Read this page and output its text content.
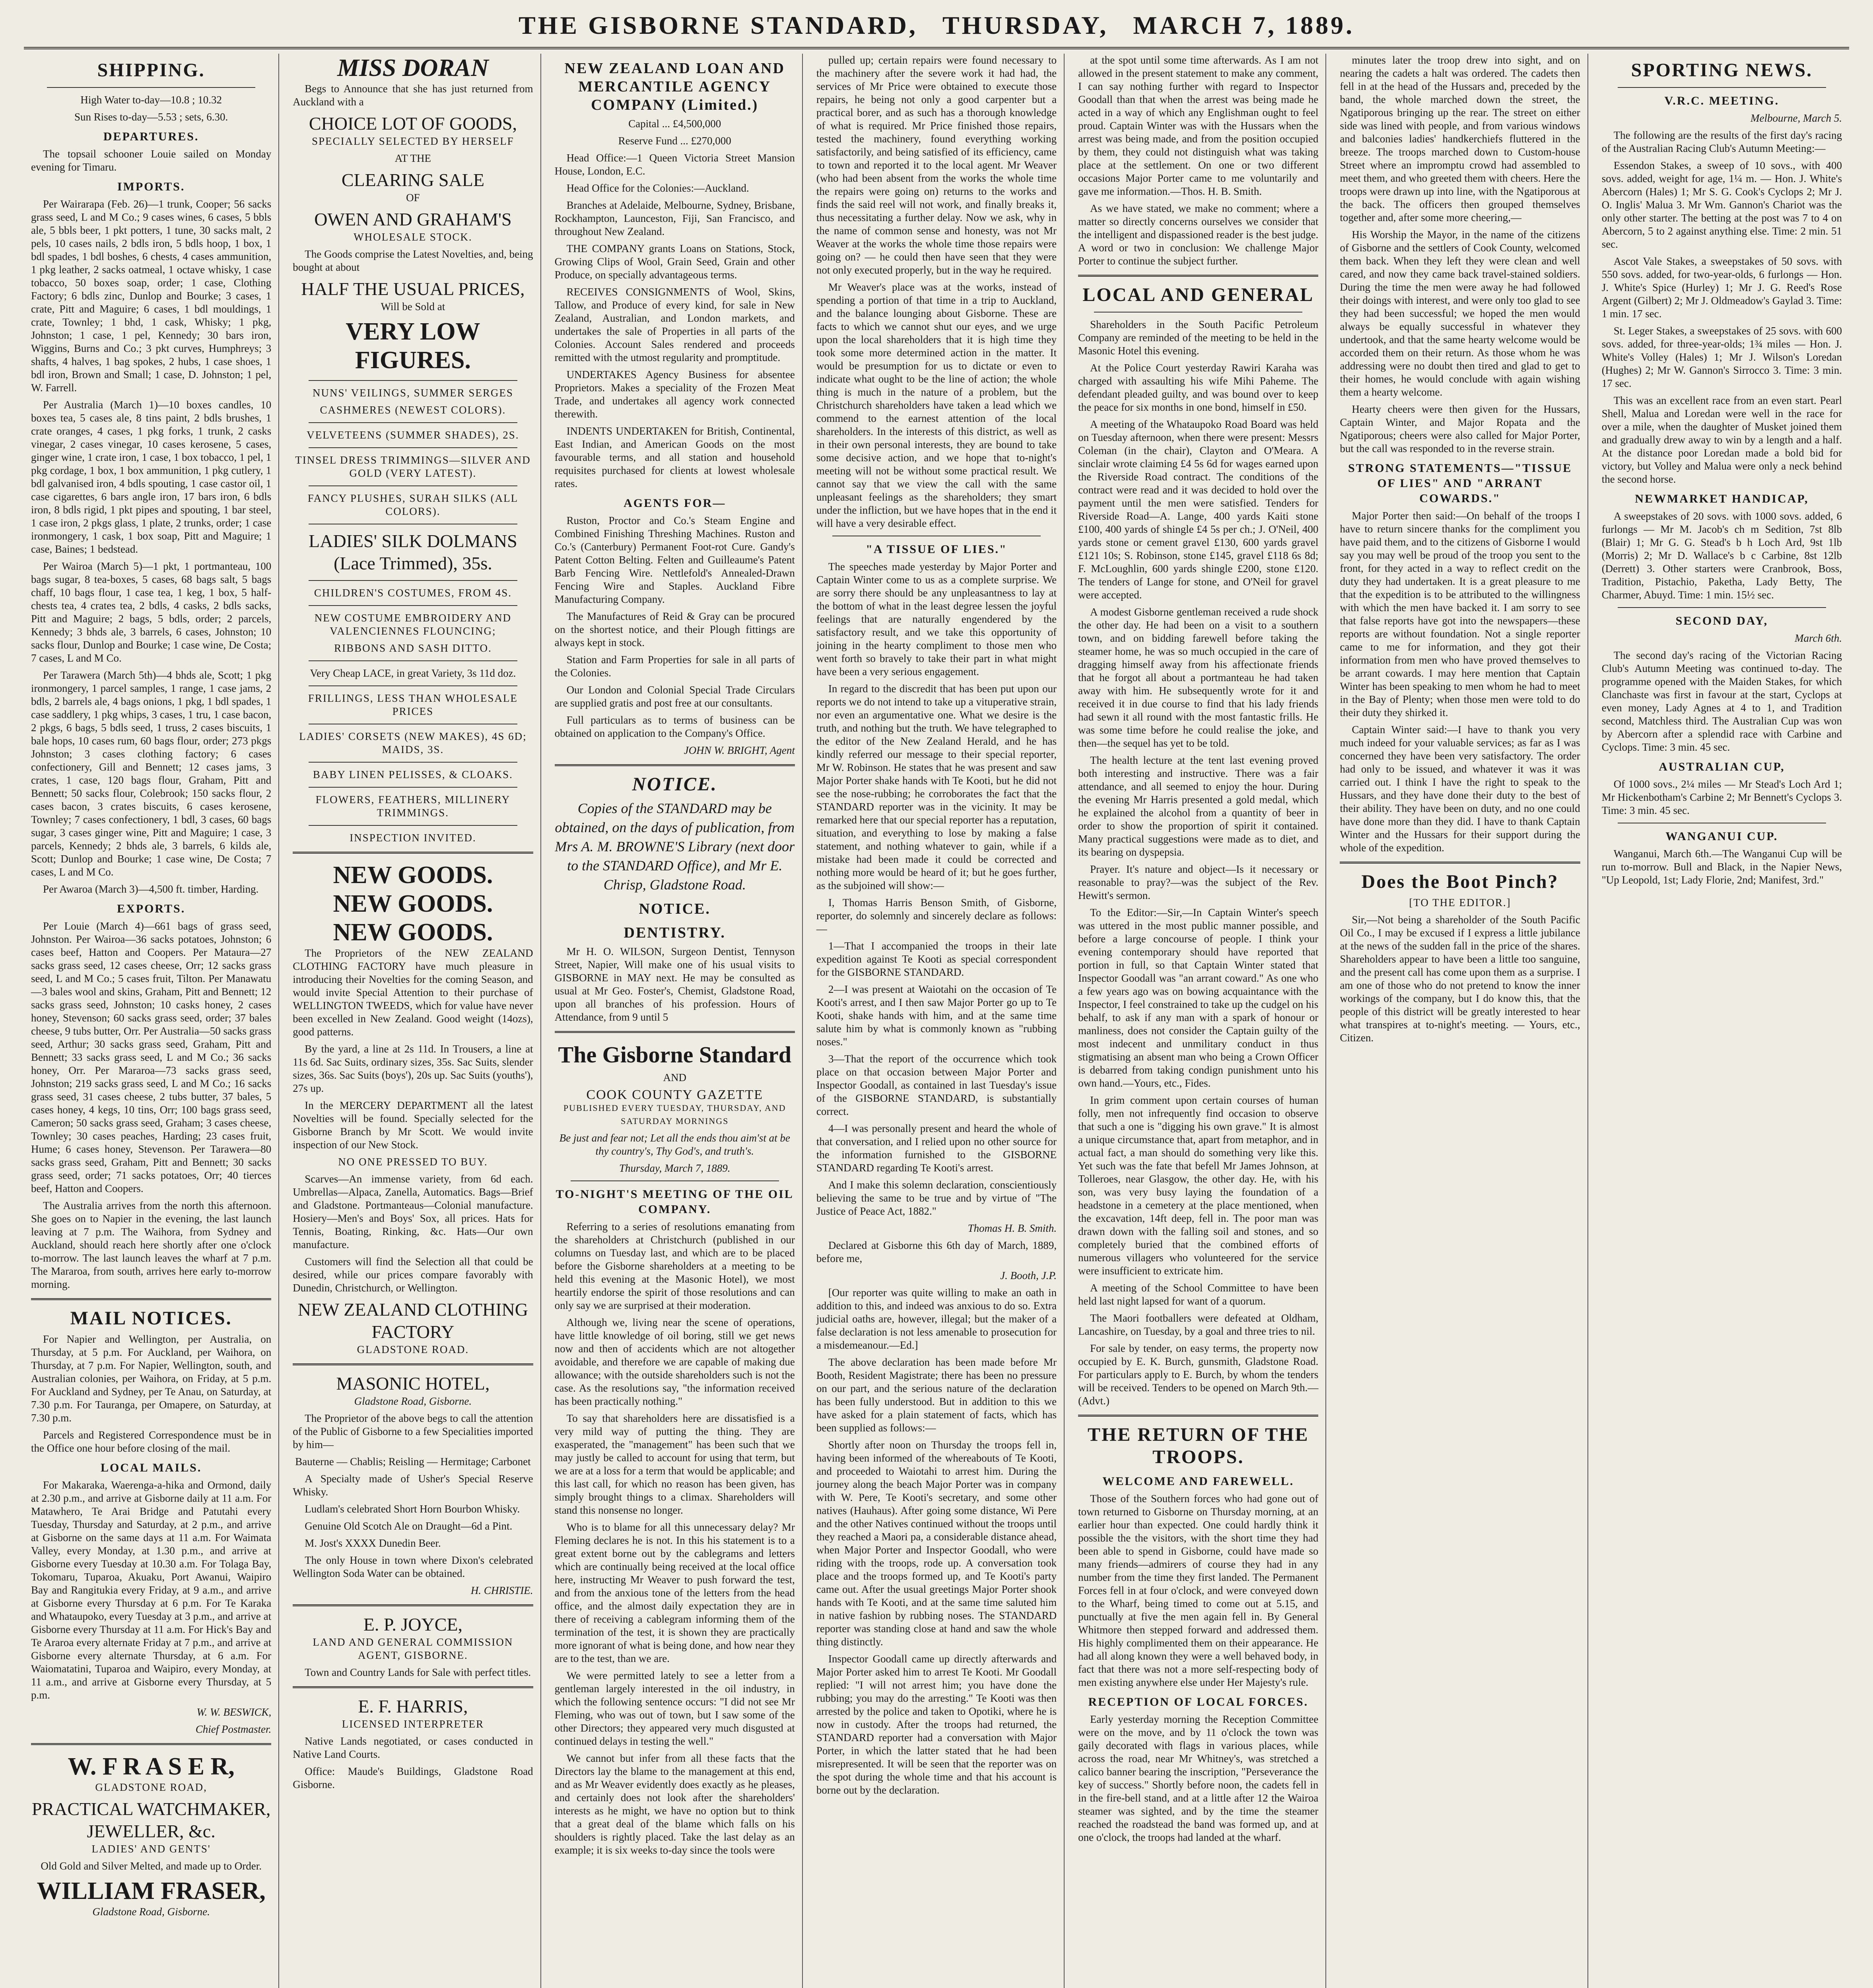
THE GISBORNE STANDARD, THURSDAY, MARCH 7, 1889.
SHIPPING.

High Water to-day—10.8 ; 10.32

Sun Rises to-day—5.53 ; sets, 6.30.

DEPARTURES.

The topsail schooner Louie sailed on Monday evening for Timaru.

IMPORTS.

Per Wairarapa (Feb. 26)—1 trunk, Cooper; 56 sacks grass seed, L and M Co.; 9 cases wines, 6 cases, 5 bbls ale, 5 bbls beer, 1 pkt potters, 1 tune, 30 sacks malt, 2 pels, 10 cases nails, 2 bdls iron, 5 bdls hoop, 1 box, 1 bdl spades, 1 bdl boshes, 6 chests, 4 cases ammunition, 1 pkg leather, 2 sacks oatmeal, 1 octave whisky, 1 case tobacco, 50 boxes soap, order; 1 case, Clothing Factory; 6 bdls zinc, Dunlop and Bourke; 3 cases, 1 crate, Pitt and Maguire; 6 cases, 1 bdl mouldings, 1 crate, Townley; 1 bhd, 1 cask, Whisky; 1 pkg, Johnston; 1 case, 1 pel, Kennedy; 30 bars iron, Wiggins, Burns and Co.; 3 pkt curves, Humphreys; 3 shafts, 4 halves, 1 bag spokes, 2 hubs, 1 case shoes, 1 bdl iron, Brown and Small; 1 case, D. Johnston; 1 pel, W. Farrell.

Per Australia (March 1)—10 boxes candles, 10 boxes tea, 5 cases ale, 8 tins paint, 2 bdls brushes, 1 crate oranges, 4 cases, 1 pkg forks, 1 trunk, 2 casks vinegar, 2 cases vinegar, 10 cases kerosene, 5 cases, ginger wine, 1 crate iron, 1 case, 1 box tobacco, 1 pel, 1 pkg cordage, 1 box, 1 box ammunition, 1 pkg cutlery, 1 bdl galvanised iron, 4 bdls spouting, 1 case castor oil, 1 case cigarettes, 6 bars angle iron, 17 bars iron, 6 bdls iron, 8 bdls rigid, 1 pkt pipes and spouting, 1 bar steel, 1 case iron, 2 pkgs glass, 1 plate, 2 trunks, order; 1 case ironmongery, 1 cask, 1 box soap, Pitt and Maguire; 1 case, Baines; 1 bedstead.

Per Wairoa (March 5)—1 pkt, 1 portmanteau, 100 bags sugar, 8 tea-boxes, 5 cases, 68 bags salt, 5 bags chaff, 10 bags flour, 1 case tea, 1 keg, 1 box, 5 half-chests tea, 4 crates tea, 2 bdls, 4 casks, 2 bdls sacks, Pitt and Maguire; 2 bags, 5 bdls, order; 2 parcels, Kennedy; 3 bhds ale, 3 barrels, 6 cases, Johnston; 10 sacks flour, Dunlop and Bourke; 1 case wine, De Costa; 7 cases, L and M Co.

Per Tarawera (March 5th)—4 bhds ale, Scott; 1 pkg ironmongery, 1 parcel samples, 1 range, 1 case jams, 2 bdls, 2 barrels ale, 4 bags onions, 1 pkg, 1 bdl spades, 1 case saddlery, 1 pkg whips, 3 cases, 1 tru, 1 case bacon, 2 pkgs, 6 bags, 5 bdls seed, 1 truss, 2 cases biscuits, 1 bale hops, 10 cases rum, 60 bags flour, order; 273 pkgs Johnston; 3 cases clothing factory; 6 cases confectionery, Gill and Bennett; 12 cases jams, 3 crates, 1 case, 120 bags flour, Graham, Pitt and Bennett; 50 sacks flour, Colebrook; 150 sacks flour, 2 cases bacon, 3 crates biscuits, 6 cases kerosene, Townley; 7 cases confectionery, 1 bdl, 3 cases, 60 bags sugar, 3 cases ginger wine, Pitt and Maguire; 1 case, 3 parcels, Kennedy; 2 bhds ale, 3 barrels, 6 kilds ale, Scott; Dunlop and Bourke; 1 case wine, De Costa; 7 cases, L and M Co.

Per Awaroa (March 3)—4,500 ft. timber, Harding.

EXPORTS.

Per Louie (March 4)—661 bags of grass seed, Johnston. Per Wairoa—36 sacks potatoes, Johnston; 6 cases beef, Hatton and Coopers. Per Mataura—27 sacks grass seed, 12 cases cheese, Orr; 12 sacks grass seed, L and M Co.; 5 cases fruit, Tilton. Per Manawatu—3 bales wool and skins, Graham, Pitt and Bennett; 12 sacks grass seed, Johnston; 10 casks honey, 2 cases honey, Stevenson; 60 sacks grass seed, order; 37 bales cheese, 9 tubs butter, Orr. Per Australia—50 sacks grass seed, Arthur; 30 sacks grass seed, Graham, Pitt and Bennett; 33 sacks grass seed, L and M Co.; 36 sacks honey, Orr. Per Mararoa—73 sacks grass seed, Johnston; 219 sacks grass seed, L and M Co.; 16 sacks grass seed, 31 cases cheese, 2 tubs butter, 37 bales, 5 cases honey, 4 kegs, 10 tins, Orr; 100 bags grass seed, Cameron; 50 sacks grass seed, Graham; 3 cases cheese, Townley; 30 cases peaches, Harding; 23 cases fruit, Hume; 6 cases honey, Stevenson. Per Tarawera—80 sacks grass seed, Graham, Pitt and Bennett; 30 sacks grass seed, order; 71 sacks potatoes, Orr; 40 tierces beef, Hatton and Coopers.

The Australia arrives from the north this afternoon. She goes on to Napier in the evening, the last launch leaving at 7 p.m. The Waihora, from Sydney and Auckland, should reach here shortly after one o'clock to-morrow. The last launch leaves the wharf at 7 p.m. The Mararoa, from south, arrives here early to-morrow morning.

MAIL NOTICES.

For Napier and Wellington, per Australia, on Thursday, at 5 p.m. For Auckland, per Waihora, on Thursday, at 7 p.m. For Napier, Wellington, south, and Australian colonies, per Waihora, on Friday, at 5 p.m. For Auckland and Sydney, per Te Anau, on Saturday, at 7.30 p.m. For Tauranga, per Omapere, on Saturday, at 7.30 p.m.

Parcels and Registered Correspondence must be in the Office one hour before closing of the mail.

LOCAL MAILS.

For Makaraka, Waerenga-a-hika and Ormond, daily at 2.30 p.m., and arrive at Gisborne daily at 11 a.m. For Matawhero, Te Arai Bridge and Patutahi every Tuesday, Thursday and Saturday, at 2 p.m., and arrive at Gisborne on the same days at 11 a.m. For Waimata Valley, every Monday, at 1.30 p.m., and arrive at Gisborne every Tuesday at 10.30 a.m. For Tolaga Bay, Tokomaru, Tuparoa, Akuaku, Port Awanui, Waipiro Bay and Rangitukia every Friday, at 9 a.m., and arrive at Gisborne every Thursday at 6 p.m. For Te Karaka and Whataupoko, every Tuesday at 3 p.m., and arrive at Gisborne every Thursday at 11 a.m. For Hick's Bay and Te Araroa every alternate Friday at 7 p.m., and arrive at Gisborne every alternate Thursday, at 6 a.m. For Waiomatatini, Tuparoa and Waipiro, every Monday, at 11 a.m., and arrive at Gisborne every Thursday, at 5 p.m.

W. W. BESWICK,

Chief Postmaster.

W. F R A S E R,

GLADSTONE ROAD,

PRACTICAL WATCHMAKER,
JEWELLER, &c.

LADIES' AND GENTS'

Old Gold and Silver Melted, and made up to Order.

WILLIAM FRASER,

Gladstone Road, Gisborne.

MISS DORAN

Begs to Announce that she has just returned from Auckland with a

CHOICE LOT OF GOODS,

SPECIALLY SELECTED BY HERSELF

AT THE

CLEARING SALE

OF

OWEN AND GRAHAM'S

WHOLESALE STOCK.

The Goods comprise the Latest Novelties, and, being bought at about

HALF THE USUAL PRICES,

Will be Sold at

VERY LOW FIGURES.

NUNS' VEILINGS, SUMMER SERGES

CASHMERES (NEWEST COLORS).

VELVETEENS (SUMMER SHADES), 2S.

TINSEL DRESS TRIMMINGS—SILVER AND GOLD (VERY LATEST).

FANCY PLUSHES, SURAH SILKS (ALL COLORS).

LADIES' SILK DOLMANS (Lace Trimmed), 35s.

CHILDREN'S COSTUMES, FROM 4S.

NEW COSTUME EMBROIDERY AND VALENCIENNES FLOUNCING;

RIBBONS AND SASH DITTO.

Very Cheap LACE, in great Variety, 3s 11d doz.

FRILLINGS, LESS THAN WHOLESALE PRICES

LADIES' CORSETS (NEW MAKES), 4S 6D; MAIDS, 3S.

BABY LINEN PELISSES, & CLOAKS.

FLOWERS, FEATHERS, MILLINERY TRIMMINGS.

INSPECTION INVITED.

NEW GOODS.
NEW GOODS.
NEW GOODS.

The Proprietors of the NEW ZEALAND CLOTHING FACTORY have much pleasure in introducing their Novelties for the coming Season, and would invite Special Attention to their purchase of WELLINGTON TWEEDS, which for value have never been excelled in New Zealand. Good weight (14ozs), good patterns.

By the yard, a line at 2s 11d. In Trousers, a line at 11s 6d. Sac Suits, ordinary sizes, 35s. Sac Suits, slender sizes, 36s. Sac Suits (boys'), 20s up. Sac Suits (youths'), 27s up.

In the MERCERY DEPARTMENT all the latest Novelties will be found. Specially selected for the Gisborne Branch by Mr Scott. We would invite inspection of our New Stock.

NO ONE PRESSED TO BUY.

Scarves—An immense variety, from 6d each. Umbrellas—Alpaca, Zanella, Automatics. Bags—Brief and Gladstone. Portmanteaus—Colonial manufacture. Hosiery—Men's and Boys' Sox, all prices. Hats for Tennis, Boating, Rinking, &c. Hats—Our own manufacture.

Customers will find the Selection all that could be desired, while our prices compare favorably with Dunedin, Christchurch, or Wellington.

NEW ZEALAND CLOTHING FACTORY

GLADSTONE ROAD.

MASONIC HOTEL,

Gladstone Road, Gisborne.

The Proprietor of the above begs to call the attention of the Public of Gisborne to a few Specialities imported by him—

Bauterne — Chablis; Reisling — Hermitage; Carbonet

A Specialty made of Usher's Special Reserve Whisky.

Ludlam's celebrated Short Horn Bourbon Whisky.

Genuine Old Scotch Ale on Draught—6d a Pint.

M. Jost's XXXX Dunedin Beer.

The only House in town where Dixon's celebrated Wellington Soda Water can be obtained.

H. CHRISTIE.

E. P. JOYCE,

LAND AND GENERAL COMMISSION AGENT, GISBORNE.

Town and Country Lands for Sale with perfect titles.

E. F. HARRIS,

LICENSED INTERPRETER

Native Lands negotiated, or cases conducted in Native Land Courts.

Office: Maude's Buildings, Gladstone Road Gisborne.

NEW ZEALAND LOAN AND MERCANTILE AGENCY COMPANY (Limited.)

Capital ... £4,500,000

Reserve Fund ... £270,000

Head Office:—1 Queen Victoria Street Mansion House, London, E.C.

Head Office for the Colonies:—Auckland.

Branches at Adelaide, Melbourne, Sydney, Brisbane, Rockhampton, Launceston, Fiji, San Francisco, and throughout New Zealand.

THE COMPANY grants Loans on Stations, Stock, Growing Clips of Wool, Grain Seed, Grain and other Produce, on specially advantageous terms.

RECEIVES CONSIGNMENTS of Wool, Skins, Tallow, and Produce of every kind, for sale in New Zealand, Australian, and London markets, and undertakes the sale of Properties in all parts of the Colonies. Account Sales rendered and proceeds remitted with the utmost regularity and promptitude.

UNDERTAKES Agency Business for absentee Proprietors. Makes a speciality of the Frozen Meat Trade, and undertakes all agency work connected therewith.

INDENTS UNDERTAKEN for British, Continental, East Indian, and American Goods on the most favourable terms, and all station and household requisites purchased for clients at lowest wholesale rates.

AGENTS FOR—

Ruston, Proctor and Co.'s Steam Engine and Combined Finishing Threshing Machines. Ruston and Co.'s (Canterbury) Permanent Foot-rot Cure. Gandy's Patent Cotton Belting. Felten and Guilleaume's Patent Barb Fencing Wire. Nettlefold's Annealed-Drawn Fencing Wire and Staples. Auckland Fibre Manufacturing Company.

The Manufactures of Reid & Gray can be procured on the shortest notice, and their Plough fittings are always kept in stock.

Station and Farm Properties for sale in all parts of the Colonies.

Our London and Colonial Special Trade Circulars are supplied gratis and post free at our consultants.

Full particulars as to terms of business can be obtained on application to the Company's Office.

JOHN W. BRIGHT, Agent

NOTICE.

Copies of the STANDARD may be obtained, on the days of publication, from Mrs A. M. BROWNE'S Library (next door to the STANDARD Office), and Mr E. Chrisp, Gladstone Road.

NOTICE.
DENTISTRY.

Mr H. O. WILSON, Surgeon Dentist, Tennyson Street, Napier, Will make one of his usual visits to GISBORNE in MAY next. He may be consulted as usual at Mr Geo. Foster's, Chemist, Gladstone Road, upon all branches of his profession. Hours of Attendance, from 9 until 5

The Gisborne Standard

AND

COOK COUNTY GAZETTE

PUBLISHED EVERY TUESDAY, THURSDAY, AND SATURDAY MORNINGS

Be just and fear not; Let all the ends thou aim'st at be thy country's, Thy God's, and truth's.

Thursday, March 7, 1889.

TO-NIGHT'S MEETING OF THE OIL COMPANY.

Referring to a series of resolutions emanating from the shareholders at Christchurch (published in our columns on Tuesday last, and which are to be placed before the Gisborne shareholders at a meeting to be held this evening at the Masonic Hotel), we most heartily endorse the spirit of those resolutions and can only say we are surprised at their moderation.

Although we, living near the scene of operations, have little knowledge of oil boring, still we get news now and then of accidents which are not altogether avoidable, and therefore we are capable of making due allowance; with the outside shareholders such is not the case. As the resolutions say, "the information received has been practically nothing."

To say that shareholders here are dissatisfied is a very mild way of putting the thing. They are exasperated, the "management" has been such that we may justly be called to account for using that term, but we are at a loss for a term that would be applicable; and this last call, for which no reason has been given, has simply brought things to a climax. Shareholders will stand this nonsense no longer.

Who is to blame for all this unnecessary delay? Mr Fleming declares he is not. In this his statement is to a great extent borne out by the cablegrams and letters which are continually being received at the local office here, instructing Mr Weaver to push forward the test, and from the anxious tone of the letters from the head office, and the almost daily expectation they are in there of receiving a cablegram informing them of the termination of the test, it is shown they are practically more ignorant of what is being done, and how near they are to the test, than we are.

We were permitted lately to see a letter from a gentleman largely interested in the oil industry, in which the following sentence occurs: "I did not see Mr Fleming, who was out of town, but I saw some of the other Directors; they appeared very much disgusted at continued delays in testing the well."

We cannot but infer from all these facts that the Directors lay the blame to the management at this end, and as Mr Weaver evidently does exactly as he pleases, and certainly does not look after the shareholders' interests as he might, we have no option but to think that a great deal of the blame which falls on his shoulders is rightly placed. Take the last delay as an example; it is six weeks to-day since the tools were

pulled up; certain repairs were found necessary to the machinery after the severe work it had had, the services of Mr Price were obtained to execute those repairs, he being not only a good carpenter but a practical borer, and as such has a thorough knowledge of what is required. Mr Price finished those repairs, tested the machinery, found everything working satisfactorily, and being satisfied of its efficiency, came to town and reported it to the local agent. Mr Weaver (who had been absent from the works the whole time the repairs were going on) returns to the works and finds the said reel will not work, and finally breaks it, thus necessitating a further delay. Now we ask, why in the name of common sense and honesty, was not Mr Weaver at the works the whole time those repairs were going on? — he could then have seen that they were not only executed properly, but in the way he required.

Mr Weaver's place was at the works, instead of spending a portion of that time in a trip to Auckland, and the balance lounging about Gisborne. These are facts to which we cannot shut our eyes, and we urge upon the local shareholders that it is high time they took some more determined action in the matter. It would be presumption for us to dictate or even to indicate what ought to be the line of action; the whole thing is much in the nature of a problem, but the Christchurch shareholders have taken a lead which we commend to the earnest attention of the local shareholders. In the interests of this district, as well as in their own personal interests, they are bound to take some decisive action, and we hope that to-night's meeting will not be without some practical result. We cannot say that we view the call with the same unpleasant feelings as the shareholders; they smart under the infliction, but we have hopes that in the end it will have a very desirable effect.

"A TISSUE OF LIES."

The speeches made yesterday by Major Porter and Captain Winter come to us as a complete surprise. We are sorry there should be any unpleasantness to lay at the bottom of what in the least degree lessen the joyful feelings that are naturally engendered by the satisfactory result, and we take this opportunity of joining in the hearty compliment to those men who went forth so bravely to take their part in what might have been a very serious engagement.

In regard to the discredit that has been put upon our reports we do not intend to take up a vituperative strain, nor even an argumentative one. What we desire is the truth, and nothing but the truth. We have telegraphed to the editor of the New Zealand Herald, and he has kindly referred our message to their special reporter, Mr W. Robinson. He states that he was present and saw Major Porter shake hands with Te Kooti, but he did not see the nose-rubbing; he corroborates the fact that the STANDARD reporter was in the vicinity. It may be remarked here that our special reporter has a reputation, situation, and everything to lose by making a false statement, and nothing whatever to gain, while if a mistake had been made it could be corrected and nothing more would be heard of it; but he goes further, as the subjoined will show:—

I, Thomas Harris Benson Smith, of Gisborne, reporter, do solemnly and sincerely declare as follows:—

1—That I accompanied the troops in their late expedition against Te Kooti as special correspondent for the GISBORNE STANDARD.

2—I was present at Waiotahi on the occasion of Te Kooti's arrest, and I then saw Major Porter go up to Te Kooti, shake hands with him, and at the same time salute him by what is commonly known as "rubbing noses."

3—That the report of the occurrence which took place on that occasion between Major Porter and Inspector Goodall, as contained in last Tuesday's issue of the GISBORNE STANDARD, is substantially correct.

4—I was personally present and heard the whole of that conversation, and I relied upon no other source for the information furnished to the GISBORNE STANDARD regarding Te Kooti's arrest.

And I make this solemn declaration, conscientiously believing the same to be true and by virtue of "The Justice of Peace Act, 1882."

Thomas H. B. Smith.

Declared at Gisborne this 6th day of March, 1889, before me,

J. Booth, J.P.

[Our reporter was quite willing to make an oath in addition to this, and indeed was anxious to do so. Extra judicial oaths are, however, illegal; but the maker of a false declaration is not less amenable to prosecution for a misdemeanour.—Ed.]

The above declaration has been made before Mr Booth, Resident Magistrate; there has been no pressure on our part, and the serious nature of the declaration has been fully understood. But in addition to this we have asked for a plain statement of facts, which has been supplied as follows:—

Shortly after noon on Thursday the troops fell in, having been informed of the whereabouts of Te Kooti, and proceeded to Waiotahi to arrest him. During the journey along the beach Major Porter was in company with W. Pere, Te Kooti's secretary, and some other natives (Hauhaus). After going some distance, Wi Pere and the other Natives continued without the troops until they reached a Maori pa, a considerable distance ahead, when Major Porter and Inspector Goodall, who were riding with the troops, rode up. A conversation took place and the troops formed up, and Te Kooti's party came out. After the usual greetings Major Porter shook hands with Te Kooti, and at the same time saluted him in native fashion by rubbing noses. The STANDARD reporter was standing close at hand and saw the whole thing distinctly.

Inspector Goodall came up directly afterwards and Major Porter asked him to arrest Te Kooti. Mr Goodall replied: "I will not arrest him; you have done the rubbing; you may do the arresting." Te Kooti was then arrested by the police and taken to Opotiki, where he is now in custody. After the troops had returned, the STANDARD reporter had a conversation with Major Porter, in which the latter stated that he had been misrepresented. It will be seen that the reporter was on the spot during the whole time and that his account is borne out by the declaration.

at the spot until some time afterwards. As I am not allowed in the present statement to make any comment, I can say nothing further with regard to Inspector Goodall than that when the arrest was being made he acted in a way of which any Englishman ought to feel proud. Captain Winter was with the Hussars when the arrest was being made, and from the position occupied by them, they could not distinguish what was taking place at the settlement. On one or two different occasions Major Porter came to me voluntarily and gave me information.—Thos. H. B. Smith.

As we have stated, we make no comment; where a matter so directly concerns ourselves we consider that the intelligent and dispassioned reader is the best judge. A word or two in conclusion: We challenge Major Porter to continue the subject further.

LOCAL AND GENERAL

Shareholders in the South Pacific Petroleum Company are reminded of the meeting to be held in the Masonic Hotel this evening.

At the Police Court yesterday Rawiri Karaha was charged with assaulting his wife Mihi Paheme. The defendant pleaded guilty, and was bound over to keep the peace for six months in one bond, himself in £50.

A meeting of the Whataupoko Road Board was held on Tuesday afternoon, when there were present: Messrs Coleman (in the chair), Clayton and O'Meara. A sinclair wrote claiming £4 5s 6d for wages earned upon the Riverside Road contract. The conditions of the contract were read and it was decided to hold over the payment until the men were satisfied. Tenders for Riverside Road—A. Lange, 400 yards Kaiti stone £100, 400 yards of shingle £4 5s per ch.; J. O'Neil, 400 yards stone or cement gravel £130, 600 yards gravel £121 10s; S. Robinson, stone £145, gravel £118 6s 8d; F. McLoughlin, 600 yards shingle £200, stone £120. The tenders of Lange for stone, and O'Neil for gravel were accepted.

A modest Gisborne gentleman received a rude shock the other day. He had been on a visit to a southern town, and on bidding farewell before taking the steamer home, he was so much occupied in the care of dragging himself away from his affectionate friends that he forgot all about a portmanteau he had taken away with him. He subsequently wrote for it and received it in due course to find that his lady friends had sewn it all round with the most fantastic frills. He was some time before he could realise the joke, and then—the sequel has yet to be told.

The health lecture at the tent last evening proved both interesting and instructive. There was a fair attendance, and all seemed to enjoy the hour. During the evening Mr Harris presented a gold medal, which he explained the alcohol from a quantity of beer in order to show the proportion of spirit it contained. Many practical suggestions were made as to diet, and its bearing on dyspepsia.

Prayer. It's nature and object—Is it necessary or reasonable to pray?—was the subject of the Rev. Hewitt's sermon.

To the Editor:—Sir,—In Captain Winter's speech was uttered in the most public manner possible, and before a large concourse of people. I think your evening contemporary should have reported that portion in full, so that Captain Winter stated that Inspector Goodall was "an arrant coward." As one who a few years ago was on bowing acquaintance with the Inspector, I feel constrained to take up the cudgel on his behalf, to ask if any man with a spark of honour or manliness, does not consider the Captain guilty of the most indecent and unmilitary conduct in thus stigmatising an absent man who being a Crown Officer is debarred from taking condign punishment unto his own hand.—Yours, etc., Fides.

In grim comment upon certain courses of human folly, men not infrequently find occasion to observe that such a one is "digging his own grave." It is almost a unique circumstance that, apart from metaphor, and in actual fact, a man should do something very like this. Yet such was the fate that befell Mr James Johnson, at Tolleroes, near Glasgow, the other day. He, with his son, was very busy laying the foundation of a headstone in a cemetery at the place mentioned, when the excavation, 14ft deep, fell in. The poor man was drawn down with the falling soil and stones, and so completely buried that the combined efforts of numerous villagers who volunteered for the service were insufficient to extricate him.

A meeting of the School Committee to have been held last night lapsed for want of a quorum.

The Maori footballers were defeated at Oldham, Lancashire, on Tuesday, by a goal and three tries to nil.

For sale by tender, on easy terms, the property now occupied by E. K. Burch, gunsmith, Gladstone Road. For particulars apply to E. Burch, by whom the tenders will be received. Tenders to be opened on March 9th.—(Advt.)

THE RETURN OF THE TROOPS.
WELCOME AND FAREWELL.

Those of the Southern forces who had gone out of town returned to Gisborne on Thursday morning, at an earlier hour than expected. One could hardly think it possible the the visitors, with the short time they had been able to spend in Gisborne, could have made so many friends—admirers of course they had in any number from the time they first landed. The Permanent Forces fell in at four o'clock, and were conveyed down to the Wharf, being timed to come out at 5.15, and punctually at five the men again fell in. By General Whitmore then stepped forward and addressed them. His highly complimented them on their appearance. He had all along known they were a well behaved body, in fact that there was not a more self-respecting body of men existing anywhere else under Her Majesty's rule.

RECEPTION OF LOCAL FORCES.

Early yesterday morning the Reception Committee were on the move, and by 11 o'clock the town was gaily decorated with flags in various places, while across the road, near Mr Whitney's, was stretched a calico banner bearing the inscription, "Perseverance the key of success." Shortly before noon, the cadets fell in in the fire-bell stand, and at a little after 12 the Wairoa steamer was sighted, and by the time the steamer reached the roadstead the band was formed up, and at one o'clock, the troops had landed at the wharf.

minutes later the troop drew into sight, and on nearing the cadets a halt was ordered. The cadets then fell in at the head of the Hussars and, preceded by the band, the whole marched down the street, the Ngatiporous bringing up the rear. The street on either side was lined with people, and from various windows and balconies ladies' handkerchiefs fluttered in the breeze. The troops marched down to Custom-house Street where an impromptu crowd had assembled to meet them, and who greeted them with cheers. Here the troops were drawn up into line, with the Ngatiporous at the back. The officers then grouped themselves together and, after some more cheering,—

His Worship the Mayor, in the name of the citizens of Gisborne and the settlers of Cook County, welcomed them back. When they left they were clean and well cared, and now they came back travel-stained soldiers. During the time the men were away he had followed their doings with interest, and were only too glad to see they had been successful; we hoped the men would always be equally successful in whatever they undertook, and that the same hearty welcome would be accorded them on their return. As those whom he was addressing were no doubt then tired and glad to get to their homes, he would conclude with again wishing them a hearty welcome.

Hearty cheers were then given for the Hussars, Captain Winter, and Major Ropata and the Ngatiporous; cheers were also called for Major Porter, but the call was responded to in the reverse strain.

STRONG STATEMENTS—"TISSUE OF LIES" AND "ARRANT COWARDS."

Major Porter then said:—On behalf of the troops I have to return sincere thanks for the compliment you have paid them, and to the citizens of Gisborne I would say you may well be proud of the troop you sent to the front, for they acted in a way to reflect credit on the duty they had undertaken. It is a great pleasure to me that the expedition is to be attributed to the willingness with which the men have backed it. I am sorry to see that false reports have got into the newspapers—these reports are without foundation. Not a single reporter came to me for information, and they got their information from men who have proved themselves to be arrant cowards. I may here mention that Captain Winter has been speaking to men whom he had to meet in the Bay of Plenty; when those men were told to do their duty they shirked it.

Captain Winter said:—I have to thank you very much indeed for your valuable services; as far as I was concerned they have been very satisfactory. The order had only to be issued, and whatever it was it was carried out. I think I have the right to speak to the Hussars, and they have done their duty to the best of their ability. They have been on duty, and no one could have done more than they did. I have to thank Captain Winter and the Hussars for their support during the whole of the expedition.

Does the Boot Pinch?

[TO THE EDITOR.]

Sir,—Not being a shareholder of the South Pacific Oil Co., I may be excused if I express a little jubilance at the news of the sudden fall in the price of the shares. Shareholders appear to have been a little too sanguine, and the present call has come upon them as a surprise. I am one of those who do not pretend to know the inner workings of the company, but I do know this, that the people of this district will be greatly interested to hear what transpires at to-night's meeting. — Yours, etc., Citizen.

SPORTING NEWS.
V.R.C. MEETING.

Melbourne, March 5.

The following are the results of the first day's racing of the Australian Racing Club's Autumn Meeting:—

Essendon Stakes, a sweep of 10 sovs., with 400 sovs. added, weight for age, 1¼ m. — Hon. J. White's Abercorn (Hales) 1; Mr S. G. Cook's Cyclops 2; Mr J. O. Inglis' Malua 3. Mr Wm. Gannon's Chariot was the only other starter. The betting at the post was 7 to 4 on Abercorn, 5 to 2 against anything else. Time: 2 min. 51 sec.

Ascot Vale Stakes, a sweepstakes of 50 sovs. with 550 sovs. added, for two-year-olds, 6 furlongs — Hon. J. White's Spice (Hurley) 1; Mr J. G. Reed's Rose Argent (Gilbert) 2; Mr J. Oldmeadow's Gaylad 3. Time: 1 min. 17 sec.

St. Leger Stakes, a sweepstakes of 25 sovs. with 600 sovs. added, for three-year-olds; 1¾ miles — Hon. J. White's Volley (Hales) 1; Mr J. Wilson's Loredan (Hughes) 2; Mr W. Gannon's Sirrocco 3. Time: 3 min. 17 sec.

This was an excellent race from an even start. Pearl Shell, Malua and Loredan were well in the race for over a mile, when the daughter of Musket joined them and gradually drew away to win by a length and a half. At the distance poor Loredan made a bold bid for victory, but Volley and Malua were only a neck behind the second horse.

NEWMARKET HANDICAP,

A sweepstakes of 20 sovs. with 1000 sovs. added, 6 furlongs — Mr M. Jacob's ch m Sedition, 7st 8lb (Blair) 1; Mr G. G. Stead's b h Loch Ard, 9st 1lb (Morris) 2; Mr D. Wallace's b c Carbine, 8st 12lb (Derrett) 3. Other starters were Cranbrook, Boss, Tradition, Pistachio, Paketha, Lady Betty, The Charmer, Abuyd. Time: 1 min. 15½ sec.

SECOND DAY,

March 6th.

The second day's racing of the Victorian Racing Club's Autumn Meeting was continued to-day. The programme opened with the Maiden Stakes, for which Clanchaste was first in favour at the start, Cyclops at even money, Lady Agnes at 4 to 1, and Tradition second, Matchless third. The Australian Cup was won by Abercorn after a splendid race with Carbine and Cyclops. Time: 3 min. 45 sec.

AUSTRALIAN CUP,

Of 1000 sovs., 2¼ miles — Mr Stead's Loch Ard 1; Mr Hickenbotham's Carbine 2; Mr Bennett's Cyclops 3. Time: 3 min. 45 sec.

WANGANUI CUP.

Wanganui, March 6th.—The Wanganui Cup will be run to-morrow. Bull and Black, in the Napier News, "Up Leopold, 1st; Lady Florie, 2nd; Manifest, 3rd."
